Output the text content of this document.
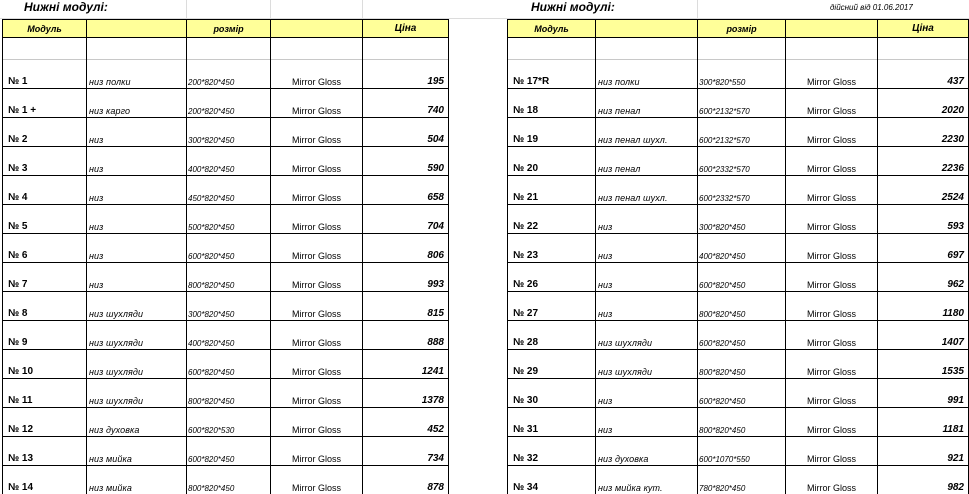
Нижні модулі:	Нижні модулі:	дійсний від 01.06.2017
Модуль		розмір		Ціна

№ 1	низ полки	200*820*450	Mirror Gloss	195
№ 1 +	низ карго	200*820*450	Mirror Gloss	740
№ 2	низ	300*820*450	Mirror Gloss	504
№ 3	низ	400*820*450	Mirror Gloss	590
№ 4	низ	450*820*450	Mirror Gloss	658
№ 5	низ	500*820*450	Mirror Gloss	704
№ 6	низ	600*820*450	Mirror Gloss	806
№ 7	низ	800*820*450	Mirror Gloss	993
№ 8	низ шухляди	300*820*450	Mirror Gloss	815
№ 9	низ шухляди	400*820*450	Mirror Gloss	888
№ 10	низ шухляди	600*820*450	Mirror Gloss	1241
№ 11	низ шухляди	800*820*450	Mirror Gloss	1378
№ 12	низ духовка	600*820*530	Mirror Gloss	452
№ 13	низ мийка	600*820*450	Mirror Gloss	734
№ 14	низ мийка	800*820*450	Mirror Gloss	878
Модуль		розмір		Ціна

№ 17*R	низ полки	300*820*550	Mirror Gloss	437
№ 18	низ пенал	600*2132*570	Mirror Gloss	2020
№ 19	низ пенал шухл.	600*2132*570	Mirror Gloss	2230
№ 20	низ пенал	600*2332*570	Mirror Gloss	2236
№ 21	низ пенал шухл.	600*2332*570	Mirror Gloss	2524
№ 22	низ	300*820*450	Mirror Gloss	593
№ 23	низ	400*820*450	Mirror Gloss	697
№ 26	низ	600*820*450	Mirror Gloss	962
№ 27	низ	800*820*450	Mirror Gloss	1180
№ 28	низ шухляди	600*820*450	Mirror Gloss	1407
№ 29	низ шухляди	800*820*450	Mirror Gloss	1535
№ 30	низ	600*820*450	Mirror Gloss	991
№ 31	низ	800*820*450	Mirror Gloss	1181
№ 32	низ духовка	600*1070*550	Mirror Gloss	921
№ 34	низ мийка кут.	780*820*450	Mirror Gloss	982
